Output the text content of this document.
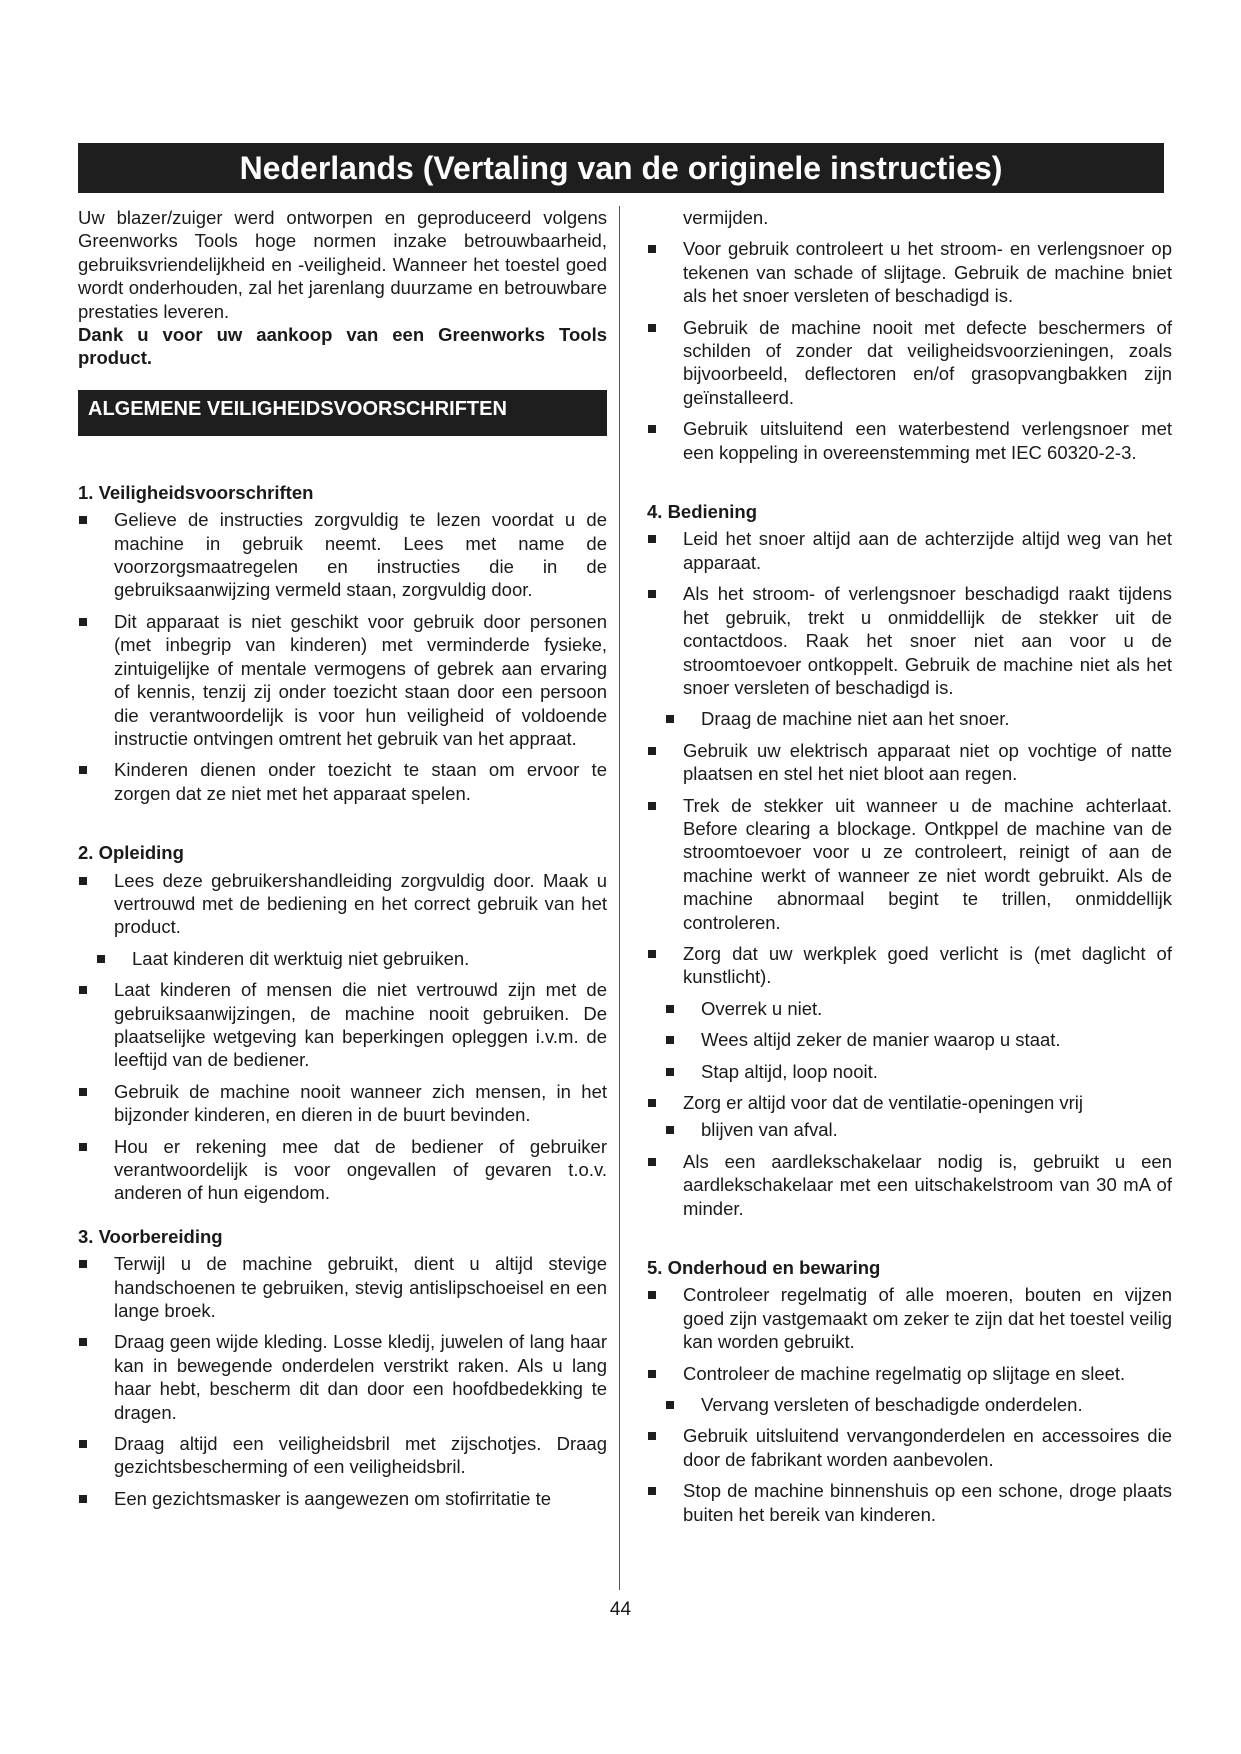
Nederlands (Vertaling van de originele instructies)

Uw blazer/zuiger werd ontworpen en geproduceerd volgens Greenworks Tools hoge normen inzake betrouwbaarheid, gebruiksvriendelijkheid en -veiligheid. Wanneer het toestel goed wordt onderhouden, zal het jarenlang duurzame en betrouwbare prestaties leveren.

Dank u voor uw aankoop van een Greenworks Tools product.

ALGEMENE VEILIGHEIDSVOORSCHRIFTEN

1. Veiligheidsvoorschriften

Gelieve de instructies zorgvuldig te lezen voordat u de machine in gebruik neemt. Lees met name de voorzorgsmaatregelen en instructies die in de gebruiksaanwijzing vermeld staan, zorgvuldig door.
Dit apparaat is niet geschikt voor gebruik door personen (met inbegrip van kinderen) met verminderde fysieke, zintuigelijke of mentale vermogens of gebrek aan ervaring of kennis, tenzij zij onder toezicht staan door een persoon die verantwoordelijk is voor hun veiligheid of voldoende instructie ontvingen omtrent het gebruik van het appraat.
Kinderen dienen onder toezicht te staan om ervoor te zorgen dat ze niet met het apparaat spelen.

2. Opleiding

Lees deze gebruikershandleiding zorgvuldig door. Maak u vertrouwd met de bediening en het correct gebruik van het product.
Laat kinderen dit werktuig niet gebruiken.
Laat kinderen of mensen die niet vertrouwd zijn met de gebruiksaanwijzingen, de machine nooit gebruiken. De plaatselijke wetgeving kan beperkingen opleggen i.v.m. de leeftijd van de bediener.
Gebruik de machine nooit wanneer zich mensen, in het bijzonder kinderen, en dieren in de buurt bevinden.
Hou er rekening mee dat de bediener of gebruiker verantwoordelijk is voor ongevallen of gevaren t.o.v. anderen of hun eigendom.

3. Voorbereiding

Terwijl u de machine gebruikt, dient u altijd stevige handschoenen te gebruiken, stevig antislipschoeisel en een lange broek.
Draag geen wijde kleding. Losse kledij, juwelen of lang haar kan in bewegende onderdelen verstrikt raken. Als u lang haar hebt, bescherm dit dan door een hoofdbedekking te dragen.
Draag altijd een veiligheidsbril met zijschotjes. Draag gezichtsbescherming of een veiligheidsbril.
Een gezichtsmasker is aangewezen om stofirritatie te

vermijden.

Voor gebruik controleert u het stroom- en verlengsnoer op tekenen van schade of slijtage. Gebruik de machine bniet als het snoer versleten of beschadigd is.
Gebruik de machine nooit met defecte beschermers of schilden of zonder dat veiligheidsvoorzieningen, zoals bijvoorbeeld, deflectoren en/of grasopvangbakken zijn geïnstalleerd.
Gebruik uitsluitend een waterbestend verlengsnoer met een koppeling in overeenstemming met IEC 60320-2-3.

4. Bediening

Leid het snoer altijd aan de achterzijde altijd weg van het apparaat.
Als het stroom- of verlengsnoer beschadigd raakt tijdens het gebruik, trekt u onmiddellijk de stekker uit de contactdoos. Raak het snoer niet aan voor u de stroomtoevoer ontkoppelt. Gebruik de machine niet als het snoer versleten of beschadigd is.
Draag de machine niet aan het snoer.
Gebruik uw elektrisch apparaat niet op vochtige of natte plaatsen en stel het niet bloot aan regen.
Trek de stekker uit wanneer u de machine achterlaat. Before clearing a blockage. Ontkppel de machine van de stroomtoevoer voor u ze controleert, reinigt of aan de machine werkt of wanneer ze niet wordt gebruikt. Als de machine abnormaal begint te trillen, onmiddellijk controleren.
Zorg dat uw werkplek goed verlicht is (met daglicht of kunstlicht).
Overrek u niet.
Wees altijd zeker de manier waarop u staat.
Stap altijd, loop nooit.
Zorg er altijd voor dat de ventilatie-openingen vrij
blijven van afval.
Als een aardlekschakelaar nodig is, gebruikt u een aardlekschakelaar met een uitschakelstroom van 30 mA of minder.

5. Onderhoud en bewaring

Controleer regelmatig of alle moeren, bouten en vijzen goed zijn vastgemaakt om zeker te zijn dat het toestel veilig kan worden gebruikt.
Controleer de machine regelmatig op slijtage en sleet.
Vervang versleten of beschadigde onderdelen.
Gebruik uitsluitend vervangonderdelen en accessoires die door de fabrikant worden aanbevolen.
Stop de machine binnenshuis op een schone, droge plaats buiten het bereik van kinderen.
44
